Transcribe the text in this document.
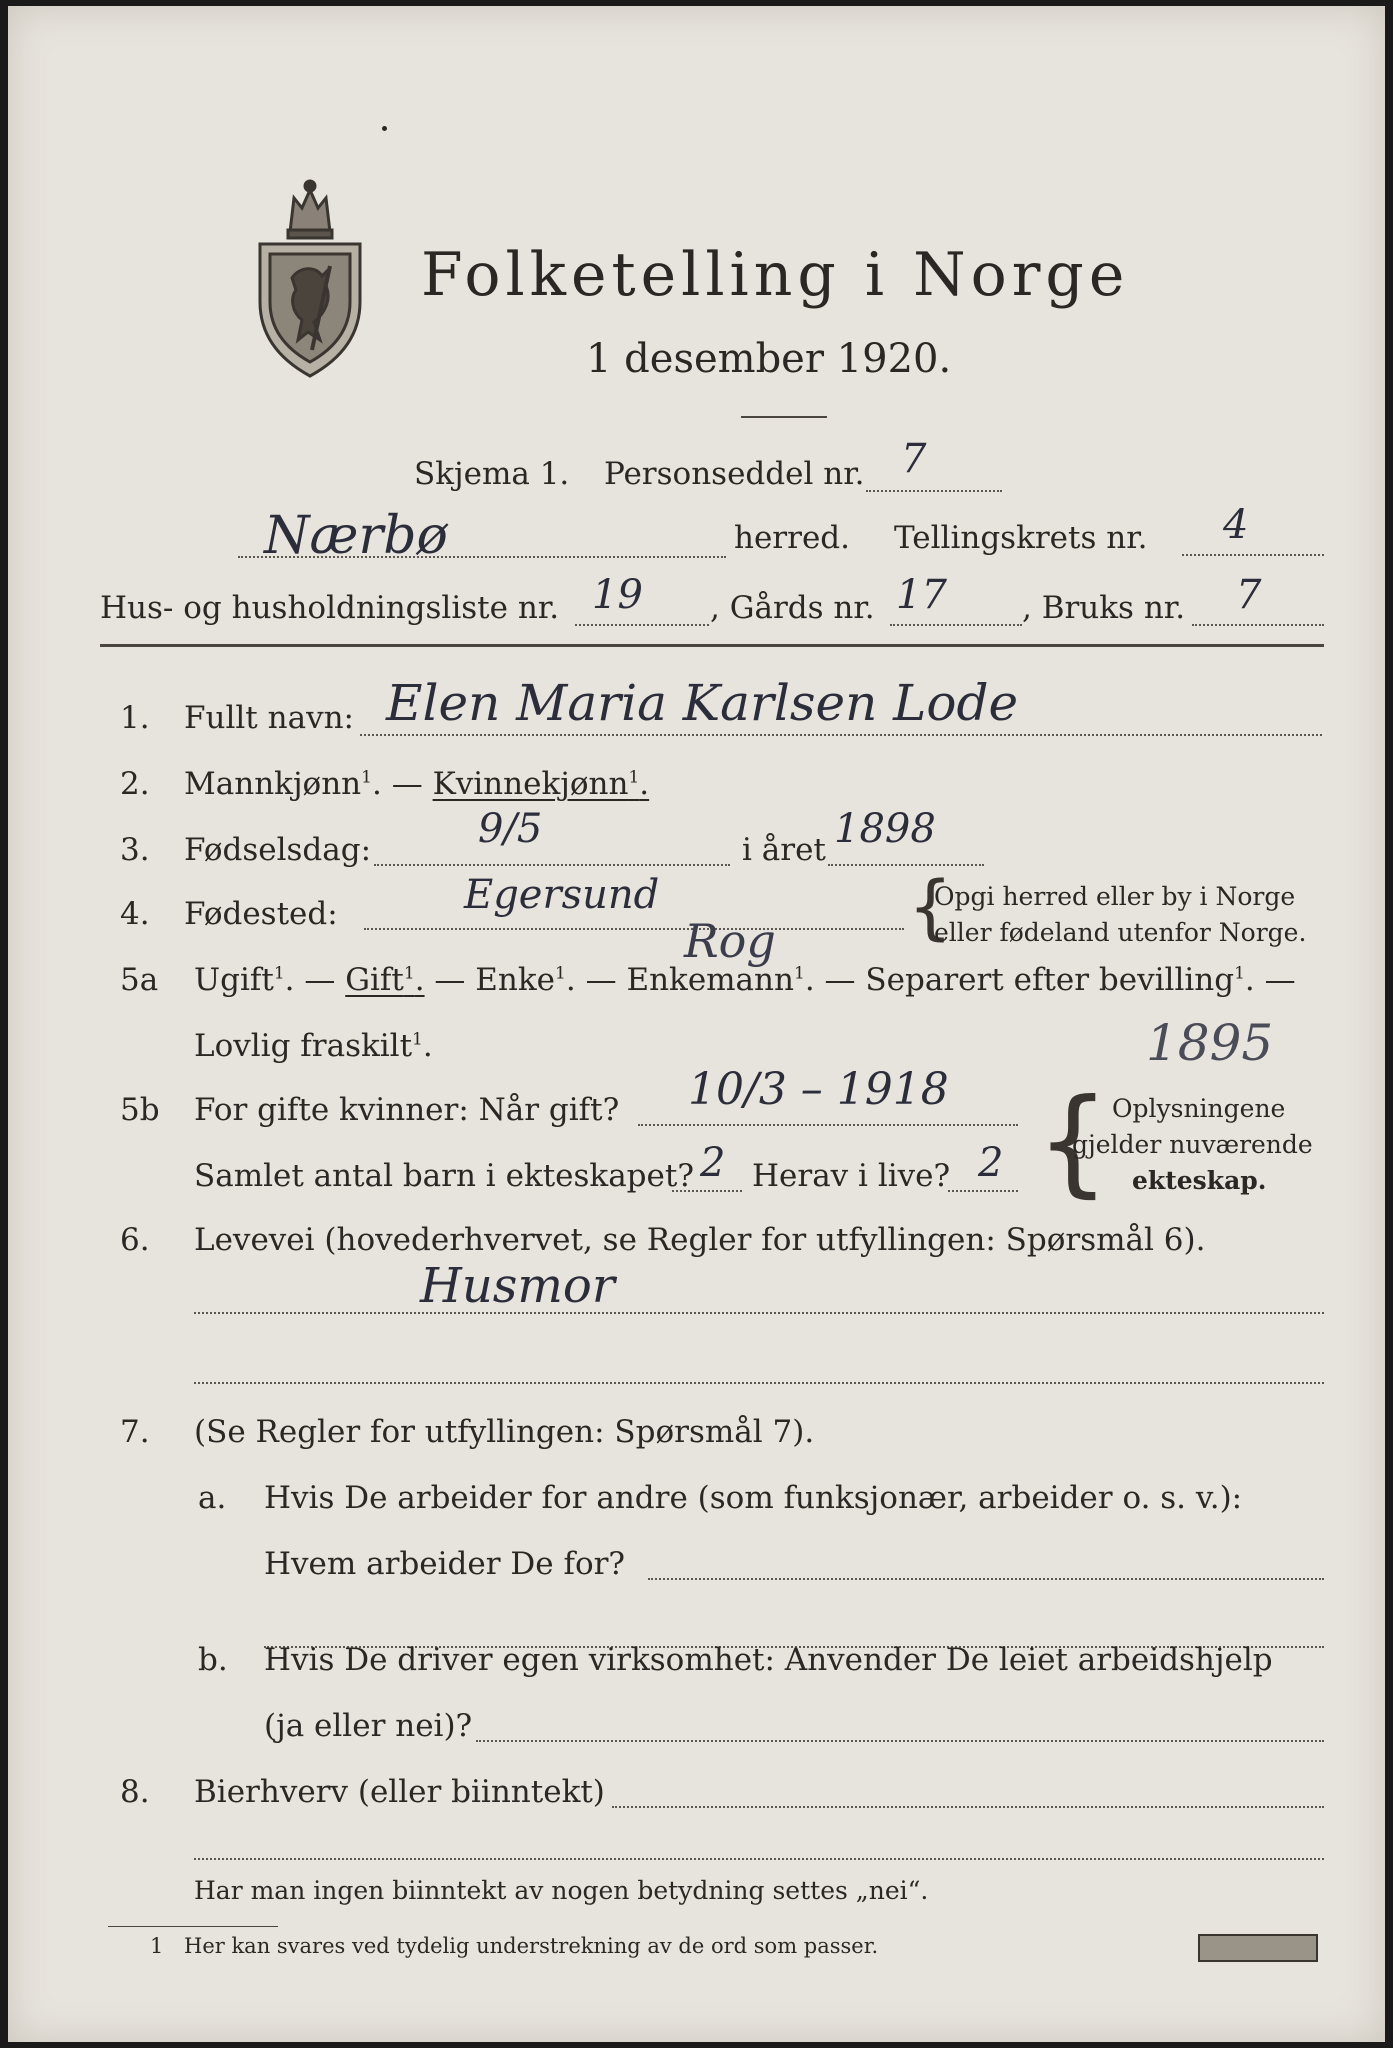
Folketelling i Norge
1 desember 1920.
Skjema 1. Personseddel nr. 7
Nærbø	herred. Tellingskrets nr. 4
Hus- og husholdningsliste nr. 19 , Gårds nr. 17 , Bruks nr. 7
1. Fullt navn: Elen Maria Karlsen Lode
2. Mannkjønn$^1$. — Kvinnekjønn$^1$.
3. Fødselsdag:	9/5	i året 1898
4. Fødested:	Egersund
Rog {
Opgi herred eller by i Norge
eller fødeland utenfor Norge.
5a Ugift$^1$. — Gift$^1$. — Enke$^1$. — Enkemann$^1$. — Separert efter bevilling$^1$. —
Lovlig fraskilt$^1$.	1895
5b For gifte kvinner: Når gift? 10/3 – 1918
Samlet antal barn i ekteskapet? 2 Herav i live? 2 { Oplysningene
gjelder nuværende
ekteskap.
6. Levevei (hovederhvervet, se Regler for utfyllingen: Spørsmål 6).
Husmor
7. (Se Regler for utfyllingen: Spørsmål 7).
a. Hvis De arbeider for andre (som funksjonær, arbeider o. s. v.):
Hvem arbeider De for?
b. Hvis De driver egen virksomhet: Anvender De leiet arbeidshjelp
(ja eller nei)?
8. Bierhverv (eller biinntekt)
Har man ingen biinntekt av nogen betydning settes „nei“.
1 Her kan svares ved tydelig understrekning av de ord som passer.
